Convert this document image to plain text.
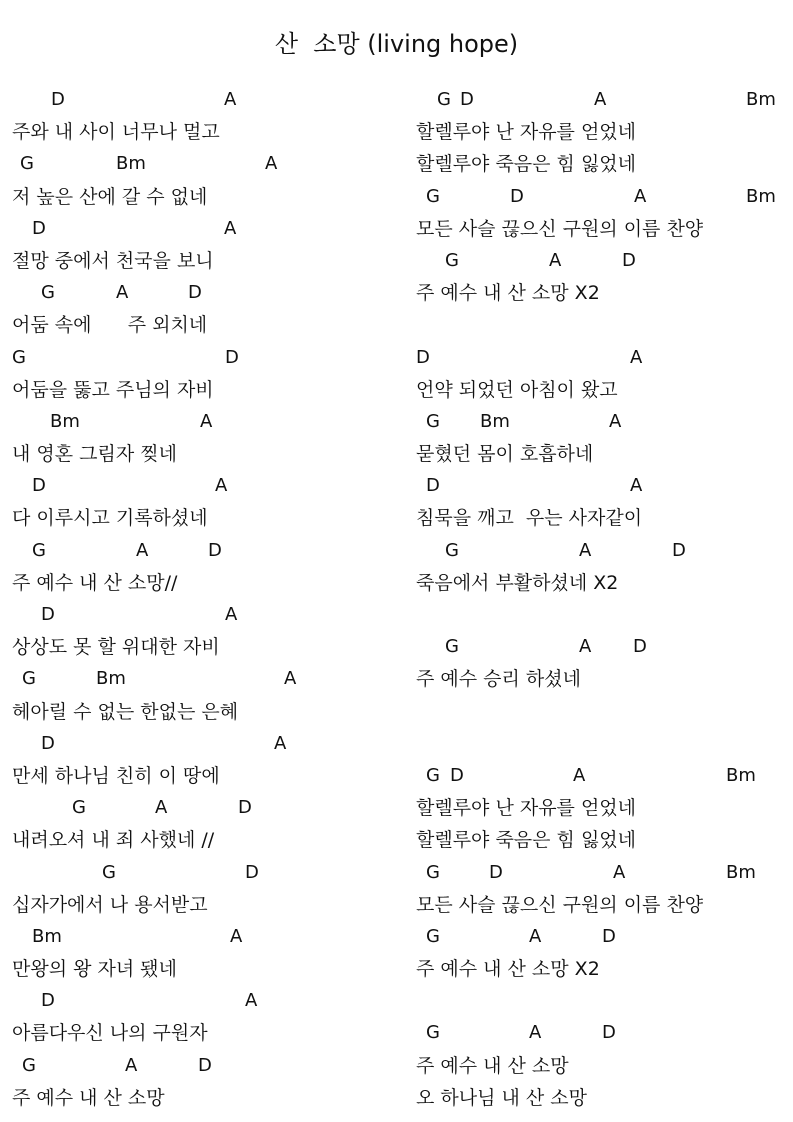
산  소망 (living hope)
D	A
주와 내 사이 너무나 멀고
G	Bm	A
저 높은 산에 갈 수 없네
D	A
절망 중에서 천국을 보니
G	A	D
어둠 속에      주 외치네
G	D
어둠을 뚫고 주님의 자비
Bm	A
내 영혼 그림자 찢네
D	A
다 이루시고 기록하셨네
G	A	D
주 예수 내 산 소망//
D	A
상상도 못 할 위대한 자비
G	Bm	A
헤아릴 수 없는 한없는 은혜
D	A
만세 하나님 친히 이 땅에
G	A	D
내려오셔 내 죄 사했네 //
G	D
십자가에서 나 용서받고
Bm	A
만왕의 왕 자녀 됐네
D	A
아름다우신 나의 구원자
G	A	D
주 예수 내 산 소망
G D	A	Bm
할렐루야 난 자유를 얻었네
할렐루야 죽음은 힘 잃었네
G	D	A	Bm
모든 사슬 끊으신 구원의 이름 찬양
G	A	D
주 예수 내 산 소망 X2
D	A
언약 되었던 아침이 왔고
G Bm	A
묻혔던 몸이 호흡하네
D	A
침묵을 깨고  우는 사자같이
G	A	D
죽음에서 부활하셨네 X2
G	A D
주 예수 승리 하셨네
G D	A	Bm
할렐루야 난 자유를 얻었네
할렐루야 죽음은 힘 잃었네
G	D	A	Bm
모든 사슬 끊으신 구원의 이름 찬양
G	A	D
주 예수 내 산 소망 X2
G	A	D
주 예수 내 산 소망
오 하나님 내 산 소망
